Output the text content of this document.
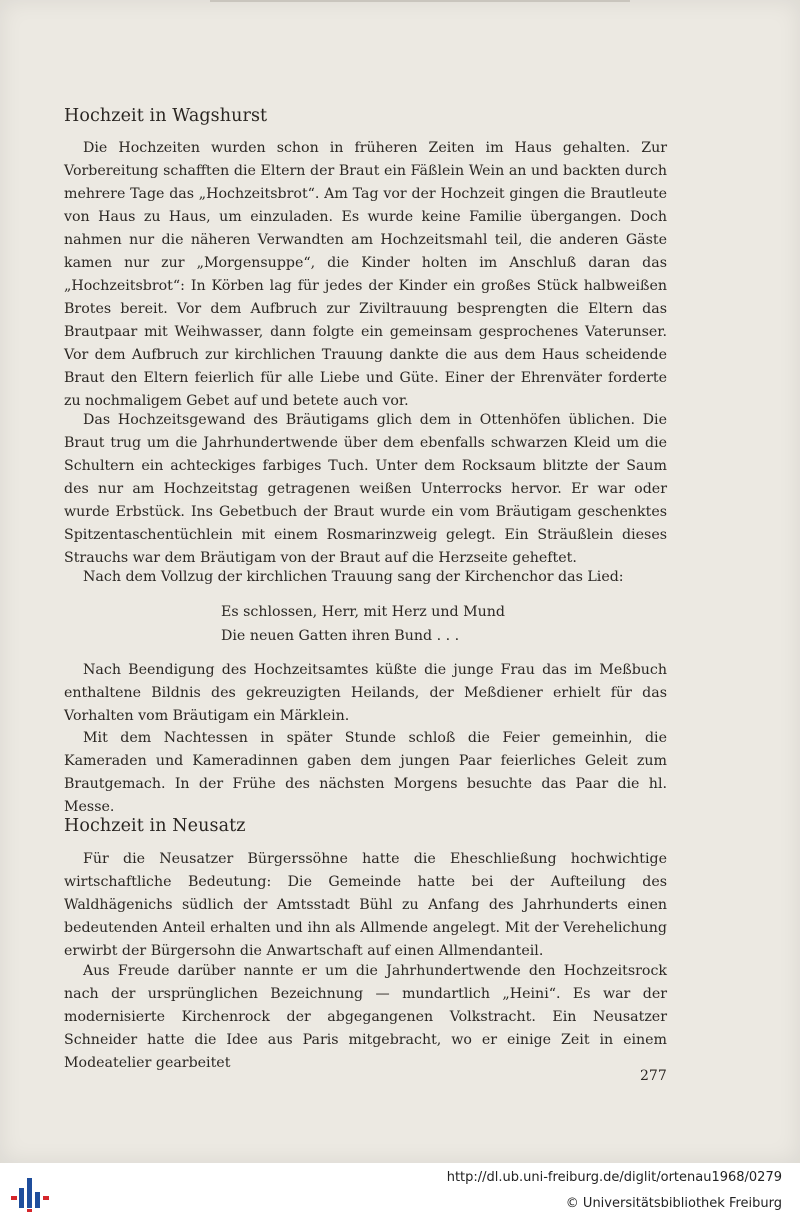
Hochzeit in Wagshurst

Die Hochzeiten wurden schon in früheren Zeiten im Haus gehalten. Zur Vorbereitung schafften die Eltern der Braut ein Fäßlein Wein an und backten durch mehrere Tage das „Hochzeitsbrot“. Am Tag vor der Hochzeit gingen die Brautleute von Haus zu Haus, um einzuladen. Es wurde keine Familie übergangen. Doch nahmen nur die näheren Verwandten am Hochzeitsmahl teil, die anderen Gäste kamen nur zur „Morgensuppe“, die Kinder holten im Anschluß daran das „Hochzeitsbrot“: In Körben lag für jedes der Kinder ein großes Stück halbweißen Brotes bereit. Vor dem Aufbruch zur Ziviltrauung besprengten die Eltern das Brautpaar mit Weihwasser, dann folgte ein gemeinsam gesprochenes Vaterunser. Vor dem Aufbruch zur kirchlichen Trauung dankte die aus dem Haus scheidende Braut den Eltern feierlich für alle Liebe und Güte. Einer der Ehrenväter forderte zu nochmaligem Gebet auf und betete auch vor.

Das Hochzeitsgewand des Bräutigams glich dem in Ottenhöfen üblichen. Die Braut trug um die Jahrhundertwende über dem ebenfalls schwarzen Kleid um die Schultern ein achteckiges farbiges Tuch. Unter dem Rocksaum blitzte der Saum des nur am Hochzeitstag getragenen weißen Unterrocks hervor. Er war oder wurde Erbstück. Ins Gebetbuch der Braut wurde ein vom Bräutigam geschenktes Spitzentaschentüchlein mit einem Rosmarinzweig gelegt. Ein Sträußlein dieses Strauchs war dem Bräutigam von der Braut auf die Herzseite geheftet.

Nach dem Vollzug der kirchlichen Trauung sang der Kirchenchor das Lied:

Es schlossen, Herr, mit Herz und Mund
Die neuen Gatten ihren Bund . . .

Nach Beendigung des Hochzeitsamtes küßte die junge Frau das im Meßbuch enthaltene Bildnis des gekreuzigten Heilands, der Meßdiener erhielt für das Vorhalten vom Bräutigam ein Märklein.

Mit dem Nachtessen in später Stunde schloß die Feier gemeinhin, die Kameraden und Kameradinnen gaben dem jungen Paar feierliches Geleit zum Brautgemach. In der Frühe des nächsten Morgens besuchte das Paar die hl. Messe.

Hochzeit in Neusatz

Für die Neusatzer Bürgerssöhne hatte die Eheschließung hochwichtige wirtschaftliche Bedeutung: Die Gemeinde hatte bei der Aufteilung des Waldhägenichs südlich der Amtsstadt Bühl zu Anfang des Jahrhunderts einen bedeutenden Anteil erhalten und ihn als Allmende angelegt. Mit der Verehelichung erwirbt der Bürgersohn die Anwartschaft auf einen Allmendanteil.

Aus Freude darüber nannte er um die Jahrhundertwende den Hochzeitsrock nach der ursprünglichen Bezeichnung — mundartlich „Heini“. Es war der modernisierte Kirchenrock der abgegangenen Volkstracht. Ein Neusatzer Schneider hatte die Idee aus Paris mitgebracht, wo er einige Zeit in einem Modeatelier gearbeitet

277
http://dl.ub.uni-freiburg.de/diglit/ortenau1968/0279
© Universitätsbibliothek Freiburg
